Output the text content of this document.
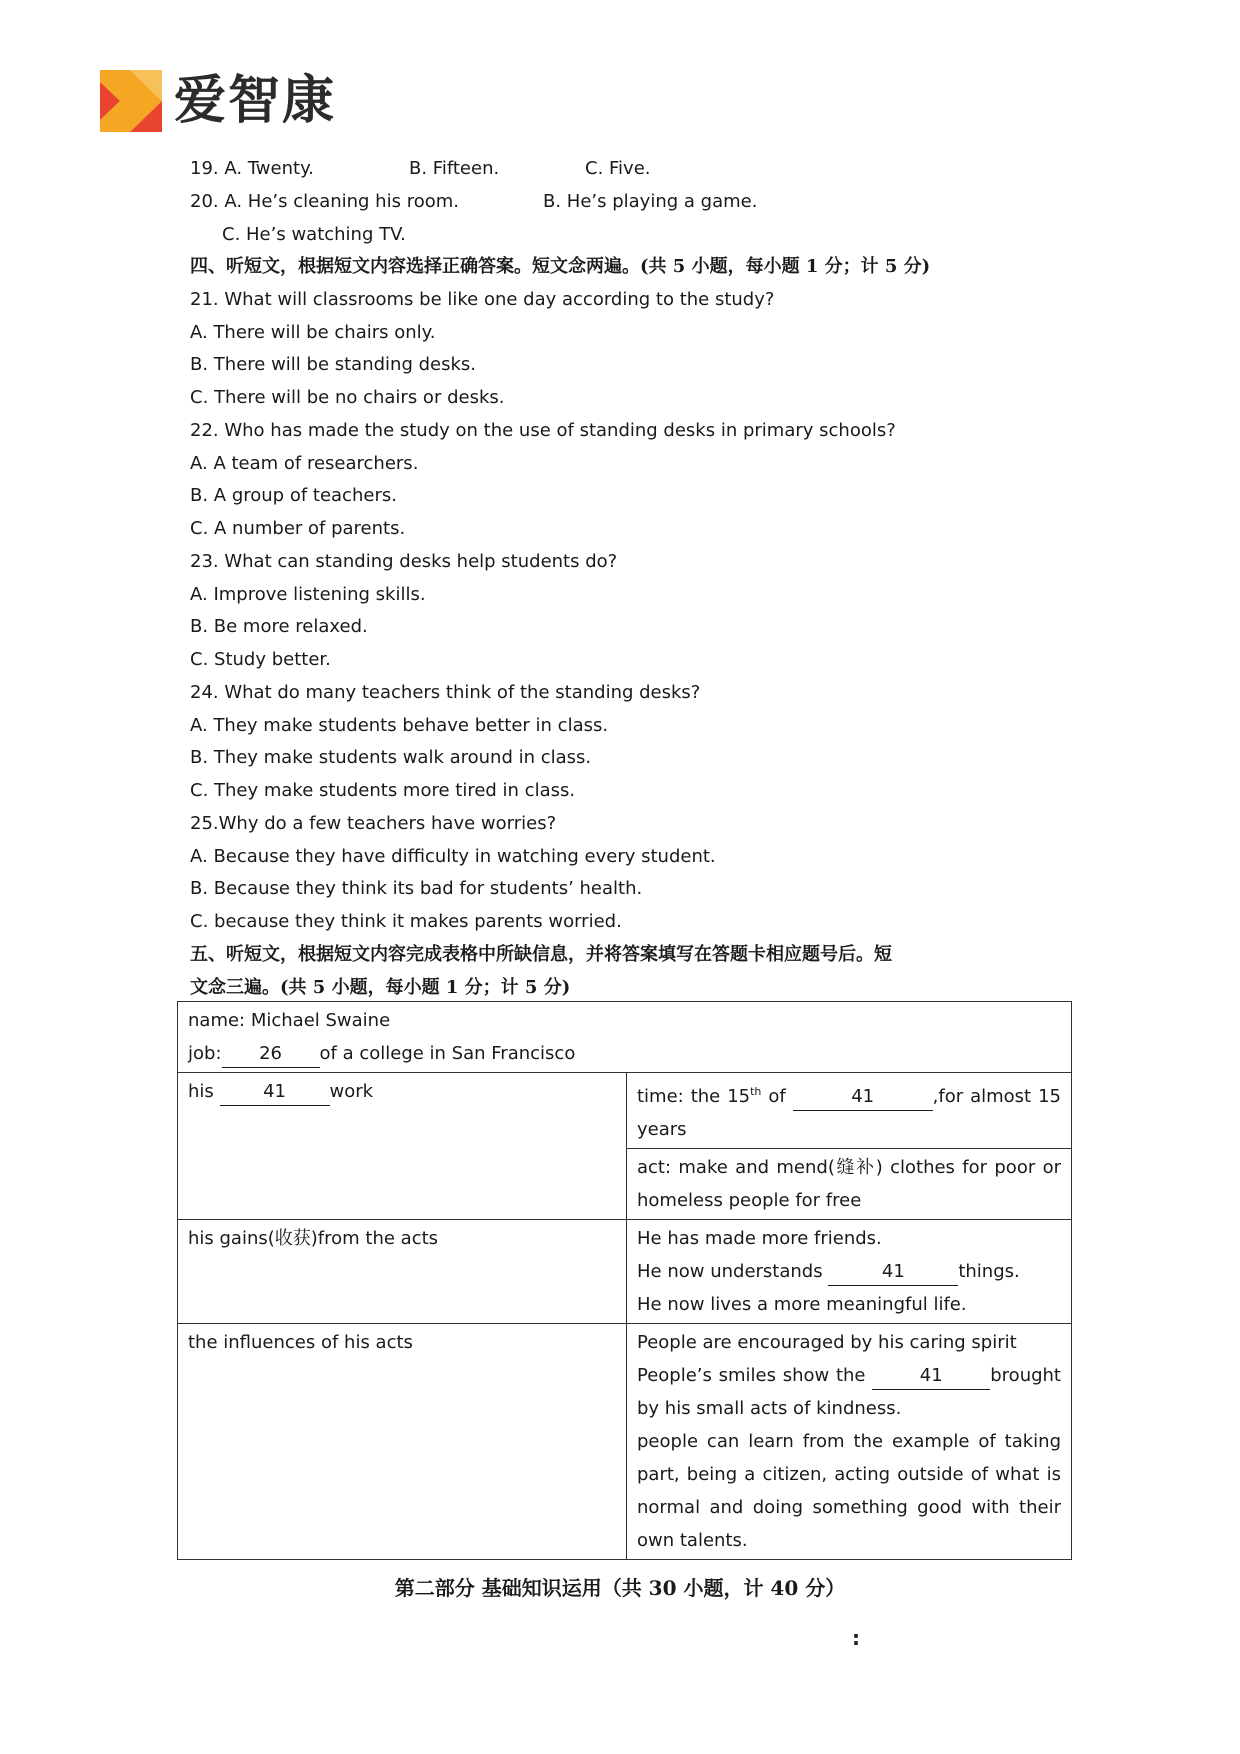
爱智康
19. A. Twenty.	B. Fifteen.	C. Five.
20. A. He’s cleaning his room.	B. He’s playing a game.
C. He’s watching TV.
四、听短文，根据短文内容选择正确答案。短文念两遍。(共 5 小题，每小题 1 分；计 5 分)
21. What will classrooms be like one day according to the study?
A. There will be chairs only.
B. There will be standing desks.
C. There will be no chairs or desks.
22. Who has made the study on the use of standing desks in primary schools?
A. A team of researchers.
B. A group of teachers.
C. A number of parents.
23. What can standing desks help students do?
A. Improve listening skills.
B. Be more relaxed.
C. Study better.
24. What do many teachers think of the standing desks?
A. They make students behave better in class.
B. They make students walk around in class.
C. They make students more tired in class.
25.Why do a few teachers have worries?
A. Because they have difficulty in watching every student.
B. Because they think its bad for students’ health.
C. because they think it makes parents worried.
五、听短文，根据短文内容完成表格中所缺信息，并将答案填写在答题卡相应题号后。短
文念三遍。(共 5 小题，每小题 1 分；计 5 分)
name: Michael Swaine
job: 26 of a college in San Francisco	

his 41 work	time: the 15th of 41 ,for almost 15 years
	act: make and mend(缝补) clothes for poor or homeless people for free
his gains(收获)from the acts	He has made more friends.
He now understands 41 things.
He now lives a more meaningful life.

the influences of his acts	People are encouraged by his caring spirit
People’s smiles show the 41 brought by his small acts of kindness.
people can learn from the example of taking part, being a citizen, acting outside of what is normal and doing something good with their own talents.
第二部分 基础知识运用（共 30 小题，计 40 分）
:
